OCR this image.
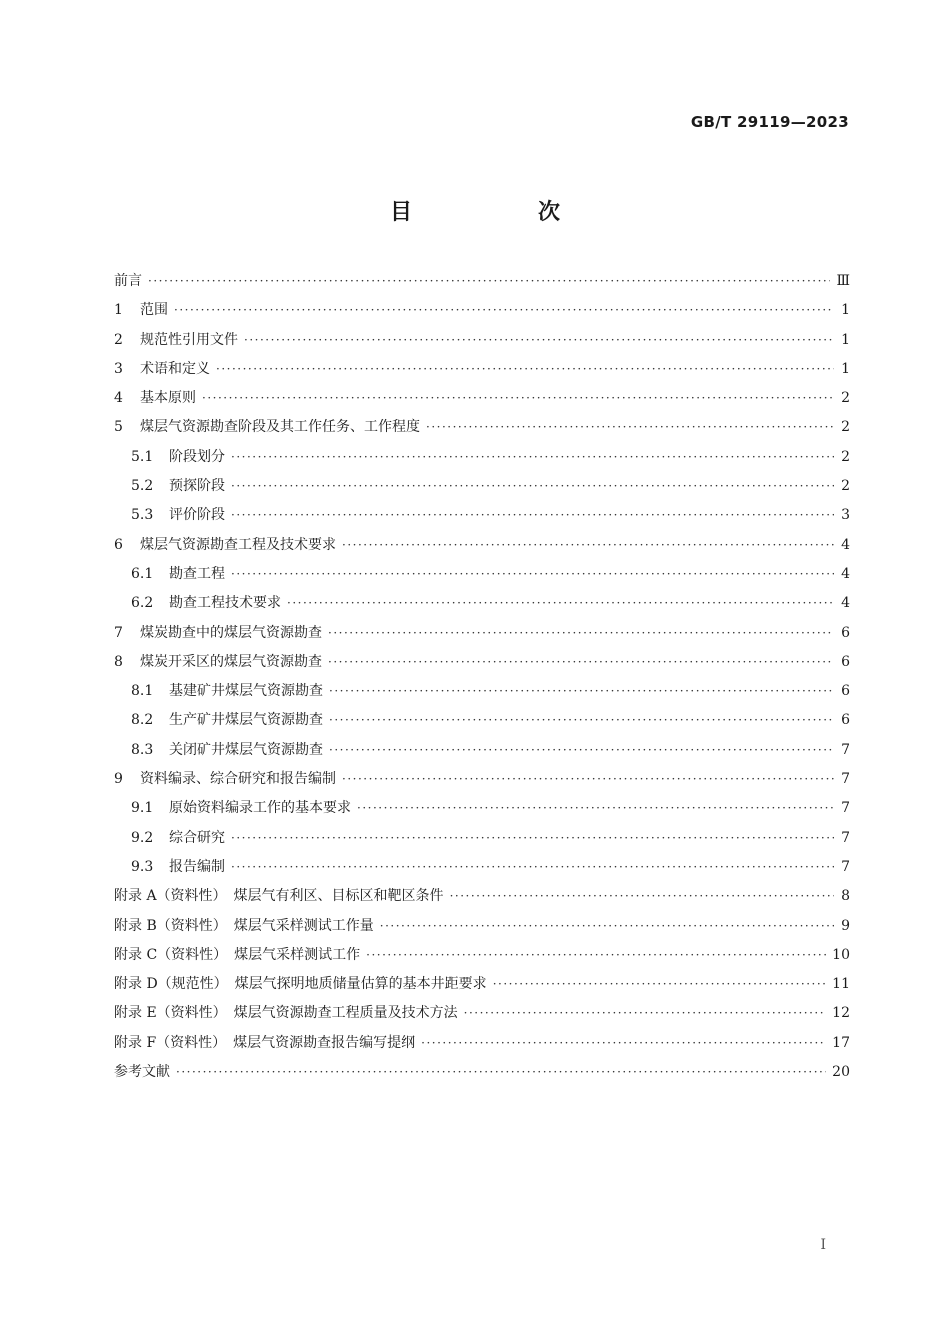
GB/T 29119—2023
目　次
前言 ·····	Ⅲ
1	范围 ·····	1
2	规范性引用文件 ·····	1
3	术语和定义 ·····	1
4	基本原则 ·····	2
5	煤层气资源勘查阶段及其工作任务、工作程度 ·····	2
5.1	阶段划分 ·····	2
5.2	预探阶段 ·····	2
5.3	评价阶段 ·····	3
6	煤层气资源勘查工程及技术要求 ·····	4
6.1	勘查工程 ·····	4
6.2	勘查工程技术要求 ·····	4
7	煤炭勘查中的煤层气资源勘查 ·····	6
8	煤炭开采区的煤层气资源勘查 ·····	6
8.1	基建矿井煤层气资源勘查 ·····	6
8.2	生产矿井煤层气资源勘查 ·····	6
8.3	关闭矿井煤层气资源勘查 ·····	7
9	资料编录、综合研究和报告编制 ·····	7
9.1	原始资料编录工作的基本要求 ·····	7
9.2	综合研究 ·····	7
9.3	报告编制 ·····	7
附录 A（资料性）　煤层气有利区、目标区和靶区条件 ·····	8
附录 B（资料性）　煤层气采样测试工作量 ·····	9
附录 C（资料性）　煤层气采样测试工作 ·····	10
附录 D（规范性）　煤层气探明地质储量估算的基本井距要求 ·····	11
附录 E（资料性）　煤层气资源勘查工程质量及技术方法 ·····	12
附录 F（资料性）　煤层气资源勘查报告编写提纲 ·····	17
参考文献 ·····	20
I
